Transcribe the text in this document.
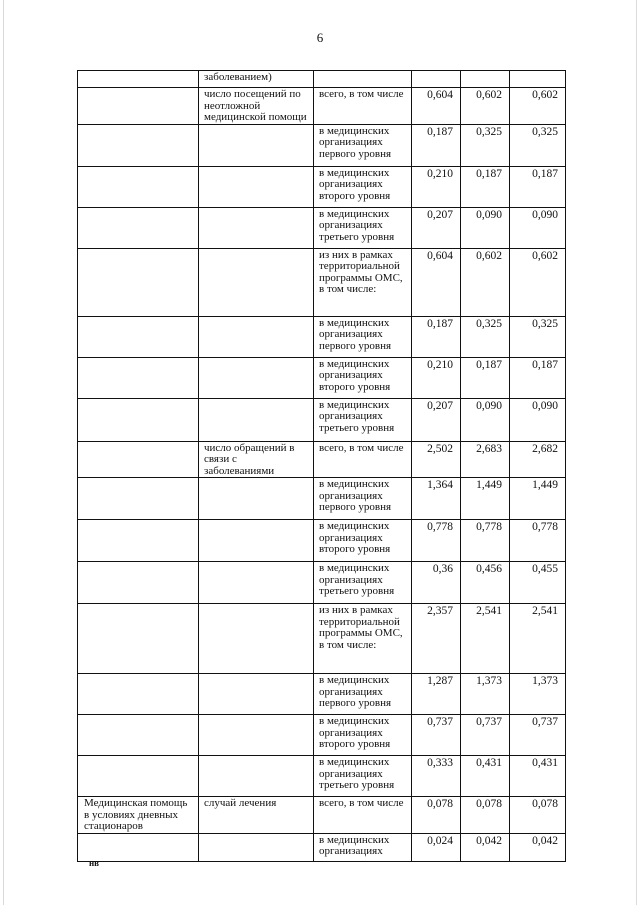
6
	заболеванием)				
	число посещений по неотложной медицинской помощи	всего, в том числе	0,604	0,602	0,602
		в медицинских организациях первого уровня	0,187	0,325	0,325
		в медицинских организациях второго уровня	0,210	0,187	0,187
		в медицинских организациях третьего уровня	0,207	0,090	0,090
		из них в рамках территориальной программы ОМС, в том числе:	0,604	0,602	0,602
		в медицинских организациях первого уровня	0,187	0,325	0,325
		в медицинских организациях второго уровня	0,210	0,187	0,187
		в медицинских организациях третьего уровня	0,207	0,090	0,090
	число обращений в связи с заболеваниями	всего, в том числе	2,502	2,683	2,682
		в медицинских организациях первого уровня	1,364	1,449	1,449
		в медицинских организациях второго уровня	0,778	0,778	0,778
		в медицинских организациях третьего уровня	0,36	0,456	0,455
		из них в рамках территориальной программы ОМС, в том числе:	2,357	2,541	2,541
		в медицинских организациях первого уровня	1,287	1,373	1,373
		в медицинских организациях второго уровня	0,737	0,737	0,737
		в медицинских организациях третьего уровня	0,333	0,431	0,431
Медицинская помощь в условиях дневных стационаров	случай лечения	всего, в том числе	0,078	0,078	0,078
		в медицинских организациях	0,024	0,042	0,042
нв
